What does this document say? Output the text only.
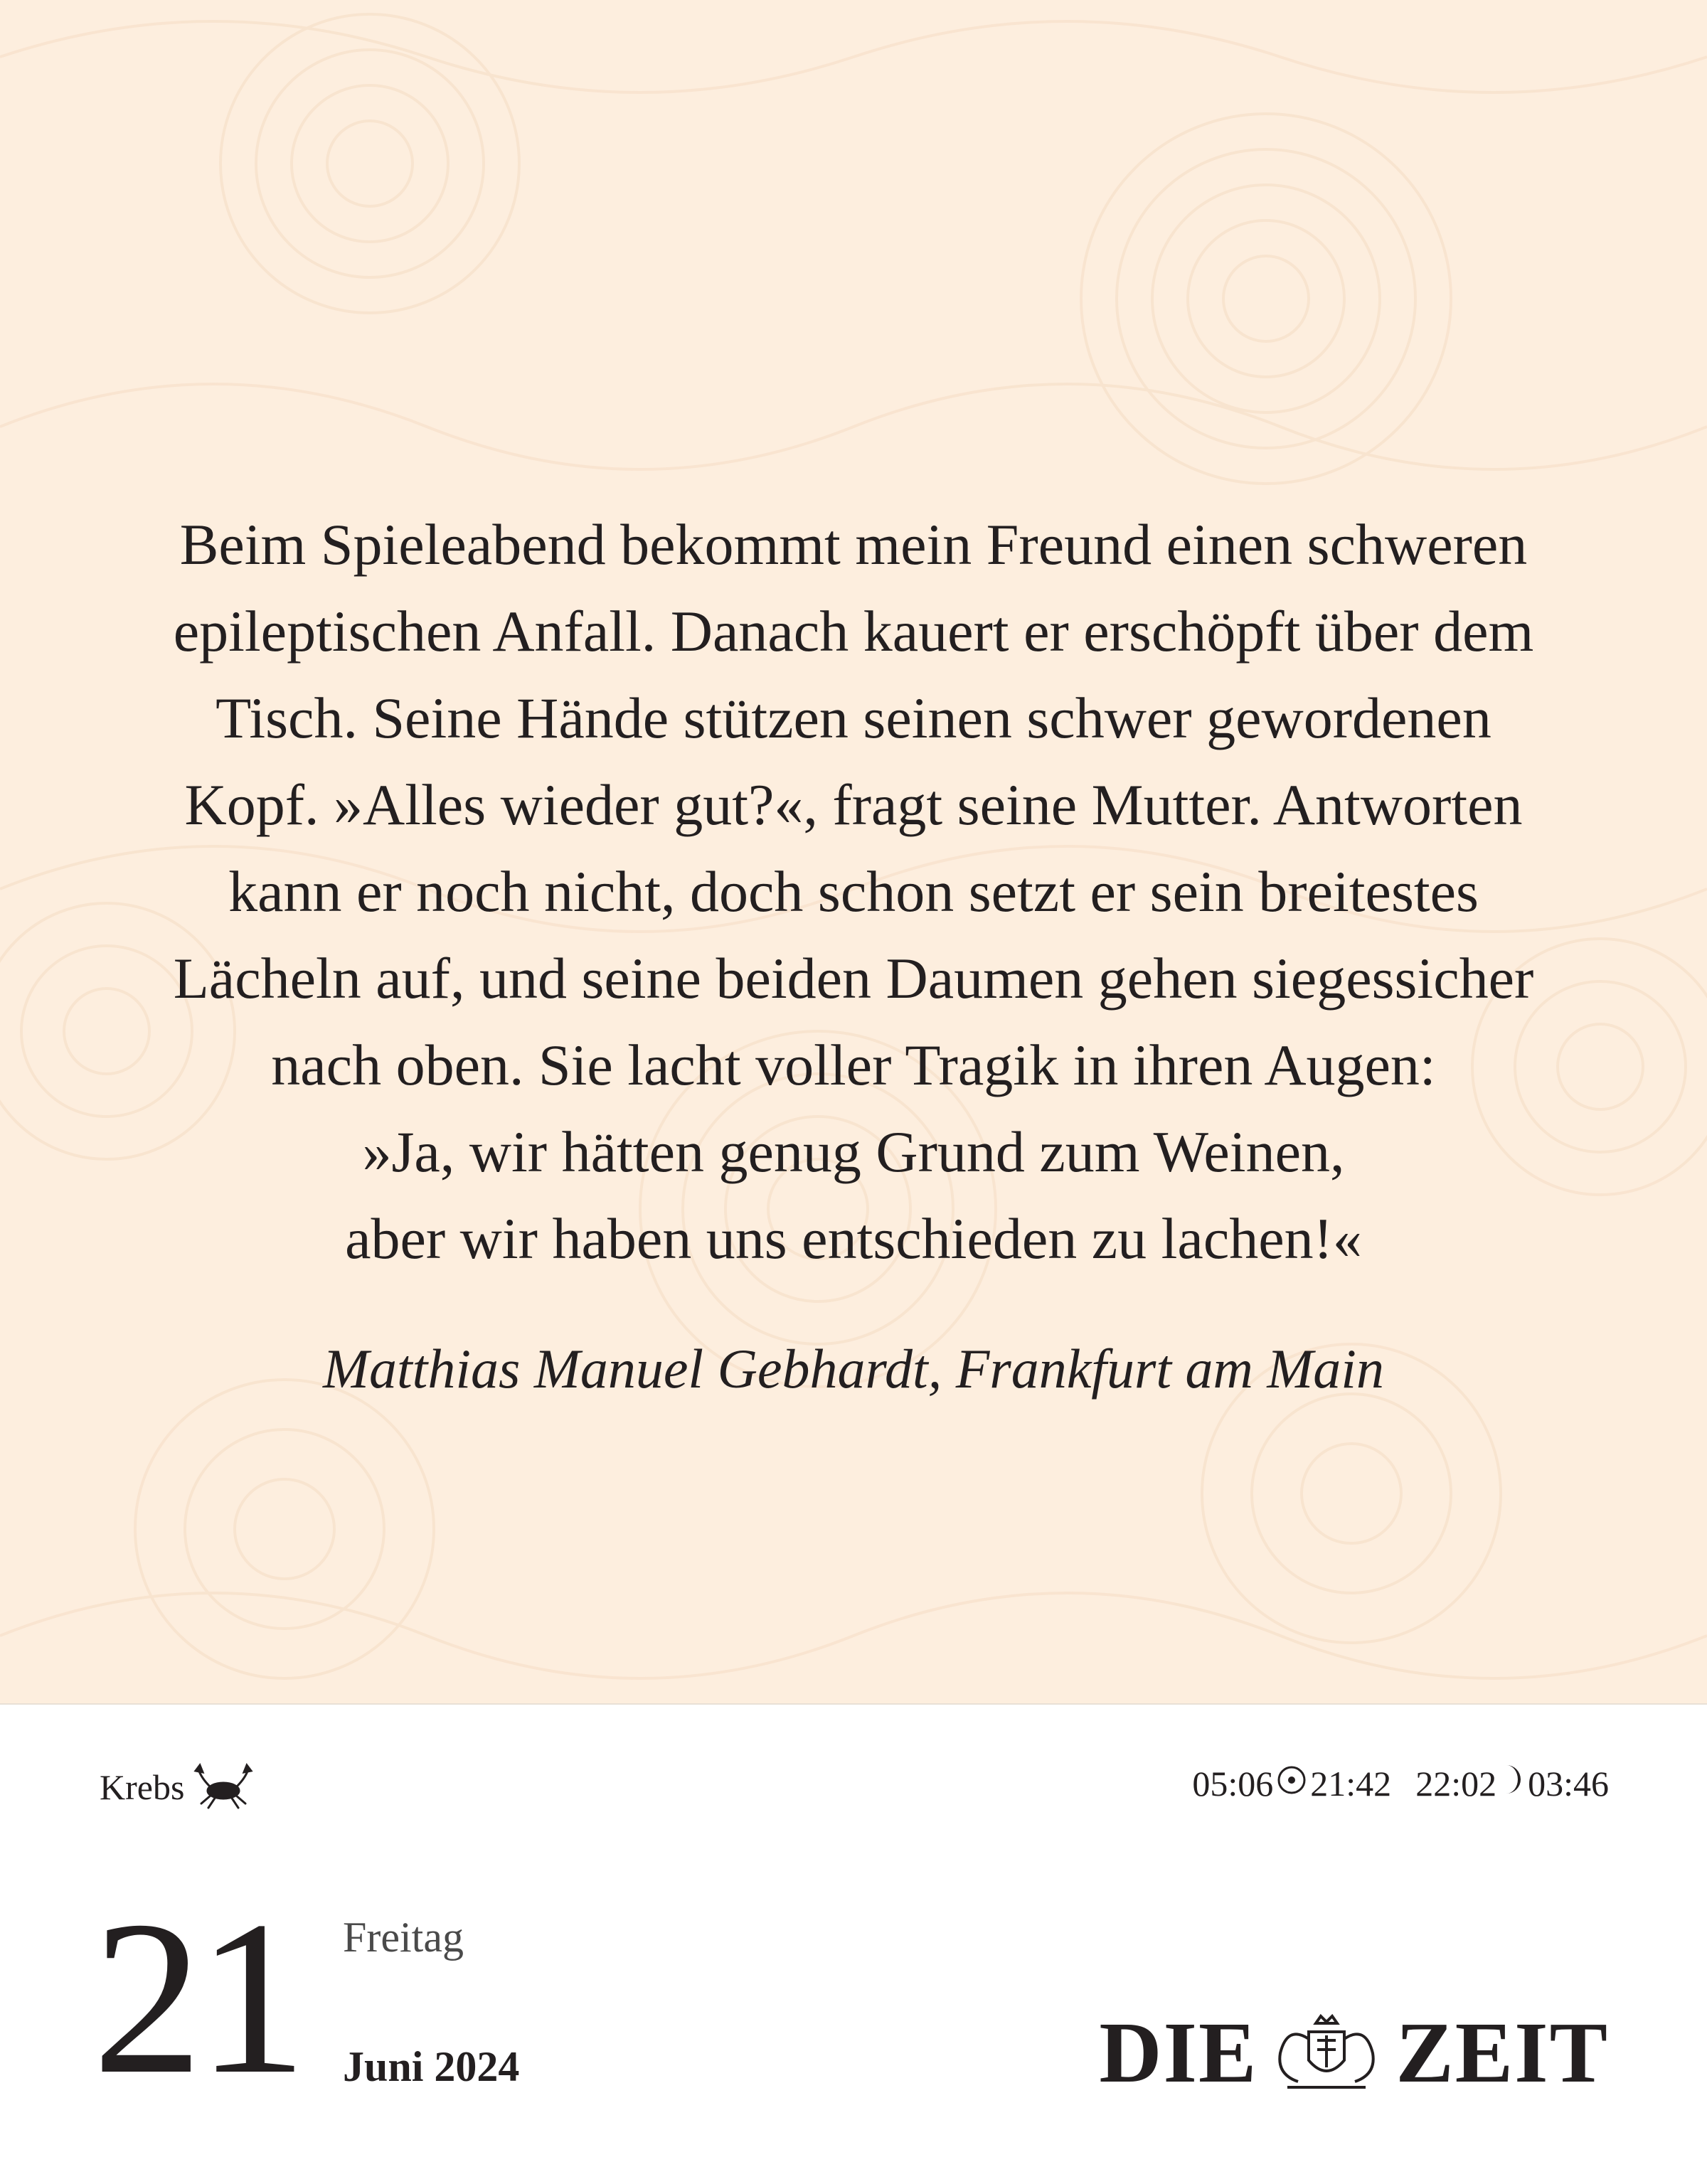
Beim Spieleabend bekommt mein Freund einen schweren
epileptischen Anfall. Danach kauert er erschöpft über dem
Tisch. Seine Hände stützen seinen schwer gewordenen
Kopf. »Alles wieder gut?«, fragt seine Mutter. Antworten
kann er noch nicht, doch schon setzt er sein breitestes
Lächeln auf, und seine beiden Daumen gehen siegessicher
nach oben. Sie lacht voller Tragik in ihren Augen:
»Ja, wir hätten genug Grund zum Weinen,
aber wir haben uns entschieden zu lachen!«
Matthias Manuel Gebhardt, Frankfurt am Main
Krebs	05:06 21:42 22:02 03:46
21 Freitag
Juni 2024	DIE ZEIT
